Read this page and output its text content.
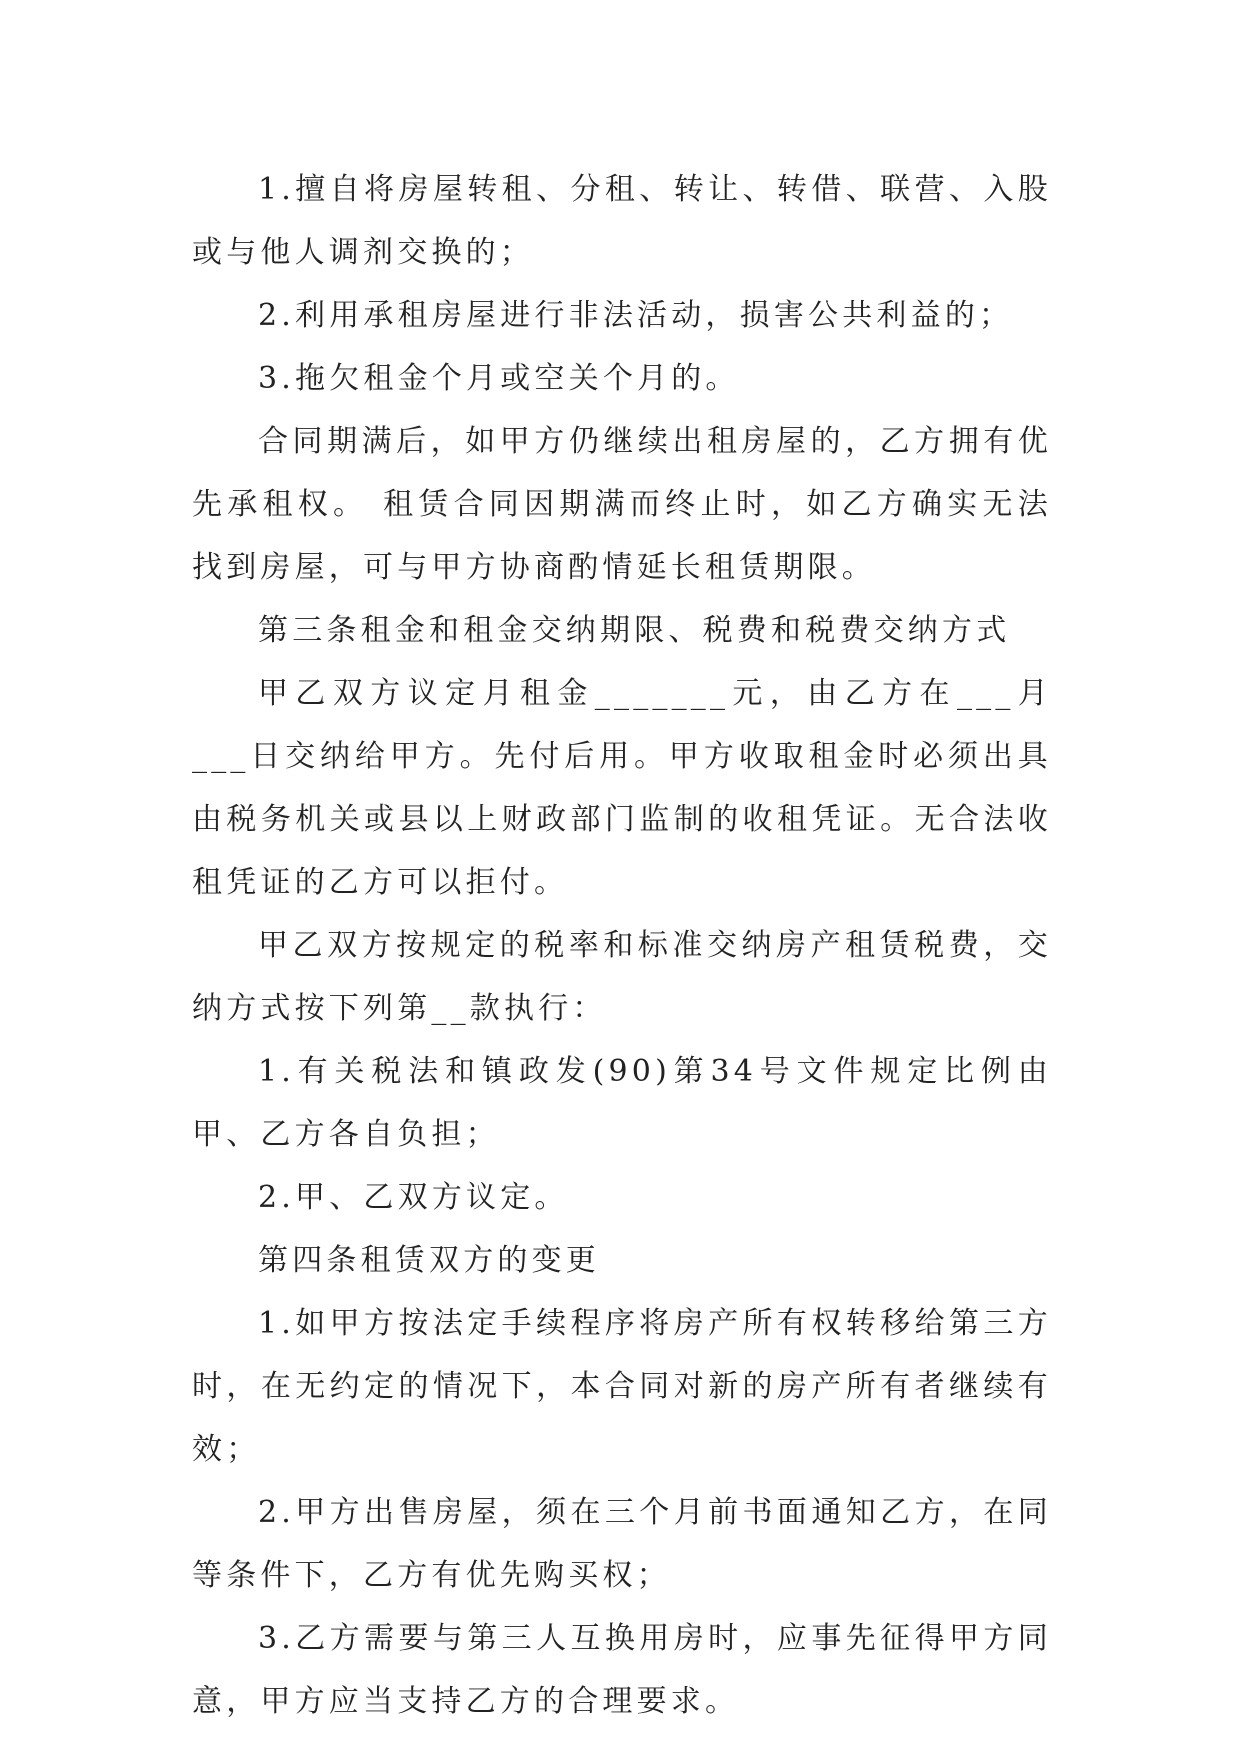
1.擅自将房屋转租、分租、转让、转借、联营、入股或与他人调剂交换的；

2.利用承租房屋进行非法活动，损害公共利益的；

3.拖欠租金个月或空关个月的。

合同期满后，如甲方仍继续出租房屋的，乙方拥有优先承租权。 租赁合同因期满而终止时，如乙方确实无法找到房屋，可与甲方协商酌情延长租赁期限。

第三条租金和租金交纳期限、税费和税费交纳方式

甲乙双方议定月租金_______元，由乙方在___月___日交纳给甲方。先付后用。甲方收取租金时必须出具由税务机关或县以上财政部门监制的收租凭证。无合法收租凭证的乙方可以拒付。

甲乙双方按规定的税率和标准交纳房产租赁税费，交纳方式按下列第__款执行：

1.有关税法和镇政发(90)第34号文件规定比例由甲、乙方各自负担；

2.甲、乙双方议定。

第四条租赁双方的变更

1.如甲方按法定手续程序将房产所有权转移给第三方时，在无约定的情况下，本合同对新的房产所有者继续有效；

2.甲方出售房屋，须在三个月前书面通知乙方，在同等条件下，乙方有优先购买权；

3.乙方需要与第三人互换用房时，应事先征得甲方同意，甲方应当支持乙方的合理要求。
